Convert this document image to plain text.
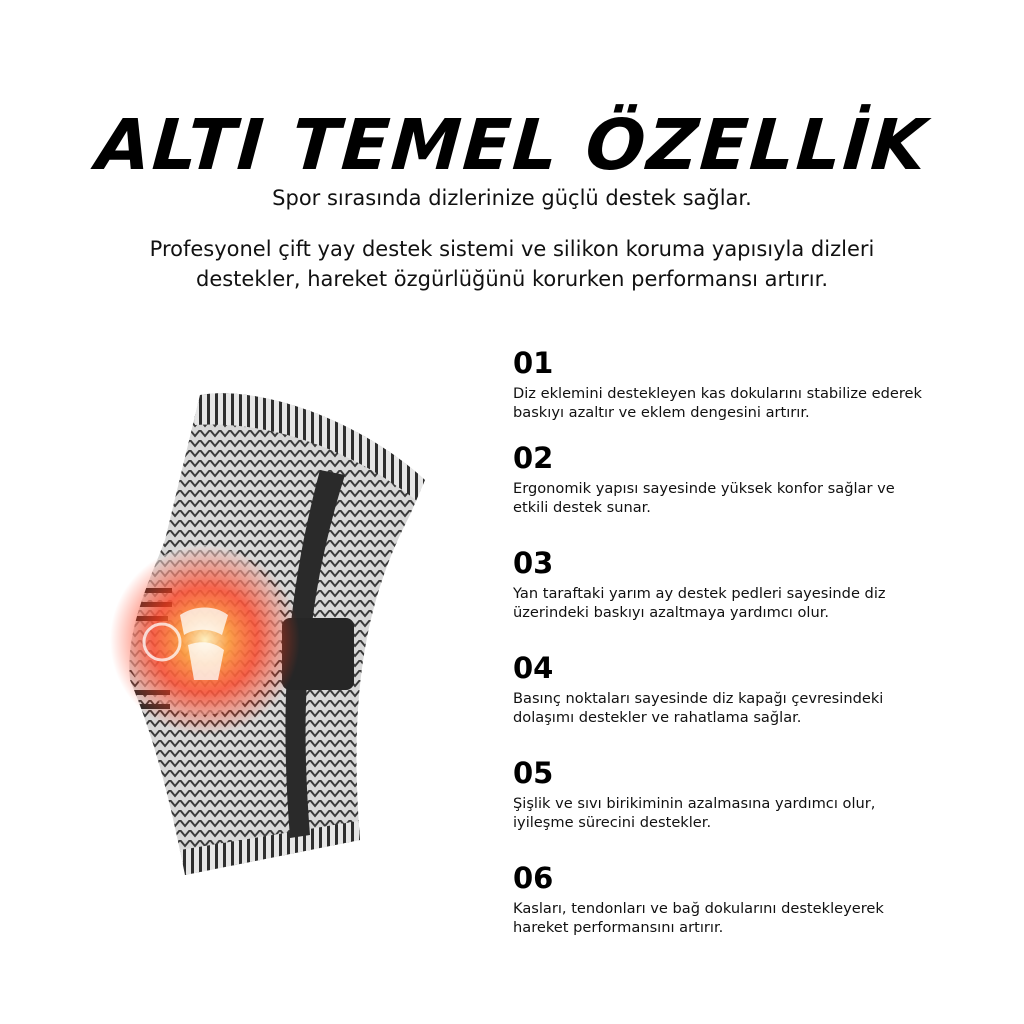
ALTI TEMEL ÖZELLİK
Spor sırasında dizlerinize güçlü destek sağlar.
Profesyonel çift yay destek sistemi ve silikon koruma yapısıyla dizleri destekler, hareket özgürlüğünü korurken performansı artırır.
01
Diz eklemini destekleyen kas dokularını stabilize ederek baskıyı azaltır ve eklem dengesini artırır.
02
Ergonomik yapısı sayesinde yüksek konfor sağlar ve etkili destek sunar.
03
Yan taraftaki yarım ay destek pedleri sayesinde diz üzerindeki baskıyı azaltmaya yardımcı olur.
04
Basınç noktaları sayesinde diz kapağı çevresindeki dolaşımı destekler ve rahatlama sağlar.
05
Şişlik ve sıvı birikiminin azalmasına yardımcı olur, iyileşme sürecini destekler.
06
Kasları, tendonları ve bağ dokularını destekleyerek hareket performansını artırır.
